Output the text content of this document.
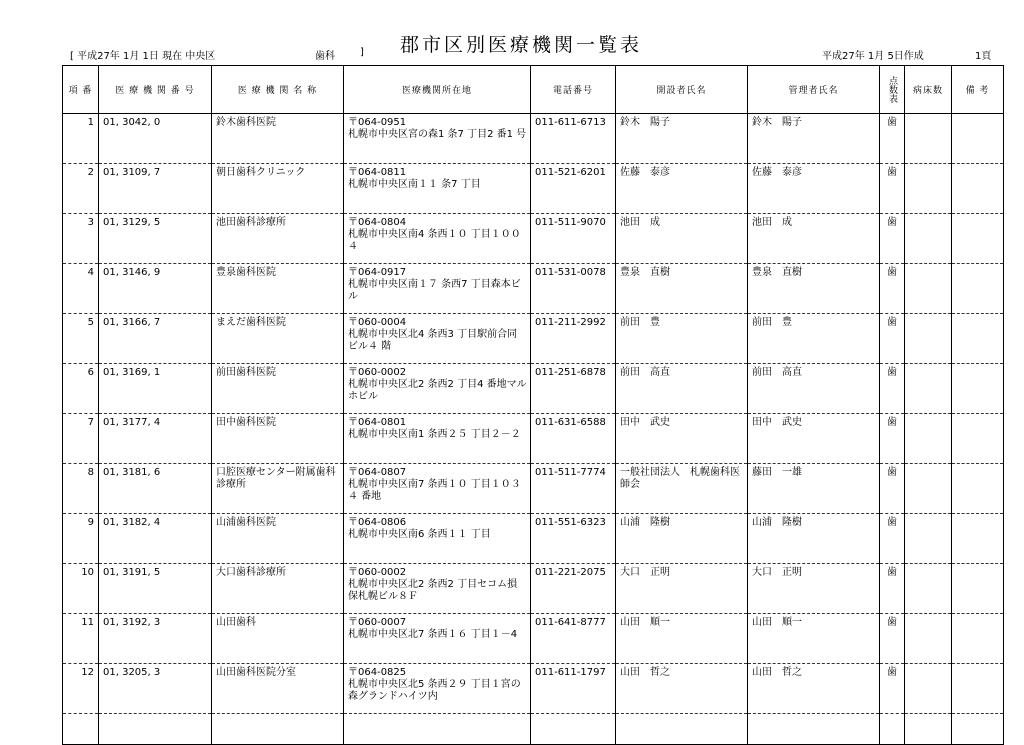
[ 平成27年 1月 1日 現在 中央区	歯科	] 郡市区別医療機関一覧表
平成27年 1月 5日作成	1頁
項 番	医 療 機 関 番 号	医 療 機 関 名 称	医療機関所在地	電話番号	開設者氏名	管理者氏名	点数表	病床数	備 考
1	01, 3042, 0	鈴木歯科医院	〒064-0951
札幌市中央区宮の森1 条7 丁目2 番1 号	011-611-6713	鈴木　陽子	鈴木　陽子	歯		
2	01, 3109, 7	朝日歯科クリニック	〒064-0811
札幌市中央区南１１ 条7 丁目	011-521-6201	佐藤　泰彦	佐藤　泰彦	歯		
3	01, 3129, 5	池田歯科診療所	〒064-0804
札幌市中央区南4 条西１０ 丁目１００４	011-511-9070	池田　成	池田　成	歯		
4	01, 3146, 9	豊泉歯科医院	〒064-0917
札幌市中央区南１７ 条西7 丁目森本ビル	011-531-0078	豊泉　直樹	豊泉　直樹	歯		
5	01, 3166, 7	まえだ歯科医院	〒060-0004
札幌市中央区北4 条西3 丁目駅前合同ビル４ 階	011-211-2992	前田　豊	前田　豊	歯		
6	01, 3169, 1	前田歯科医院	〒060-0002
札幌市中央区北2 条西2 丁目4 番地マルホビル	011-251-6878	前田　高直	前田　高直	歯		
7	01, 3177, 4	田中歯科医院	〒064-0801
札幌市中央区南1 条西２５ 丁目２－２	011-631-6588	田中　武史	田中　武史	歯		
8	01, 3181, 6	口腔医療センター附属歯科診療所	〒064-0807
札幌市中央区南7 条西１０ 丁目１０３４ 番地	011-511-7774	一般社団法人　札幌歯科医師会	藤田　一雄	歯		
9	01, 3182, 4	山浦歯科医院	〒064-0806
札幌市中央区南6 条西１１ 丁目	011-551-6323	山浦　隆樹	山浦　隆樹	歯		
10	01, 3191, 5	大口歯科診療所	〒060-0002
札幌市中央区北2 条西2 丁目セコム損保札幌ビル８Ｆ	011-221-2075	大口　正明	大口　正明	歯		
11	01, 3192, 3	山田歯科	〒060-0007
札幌市中央区北7 条西１６ 丁目１－4	011-641-8777	山田　順一	山田　順一	歯		
12	01, 3205, 3	山田歯科医院分室	〒064-0825
札幌市中央区北5 条西２９ 丁目１宮の森グランドハイツ内	011-611-1797	山田　哲之	山田　哲之	歯		
